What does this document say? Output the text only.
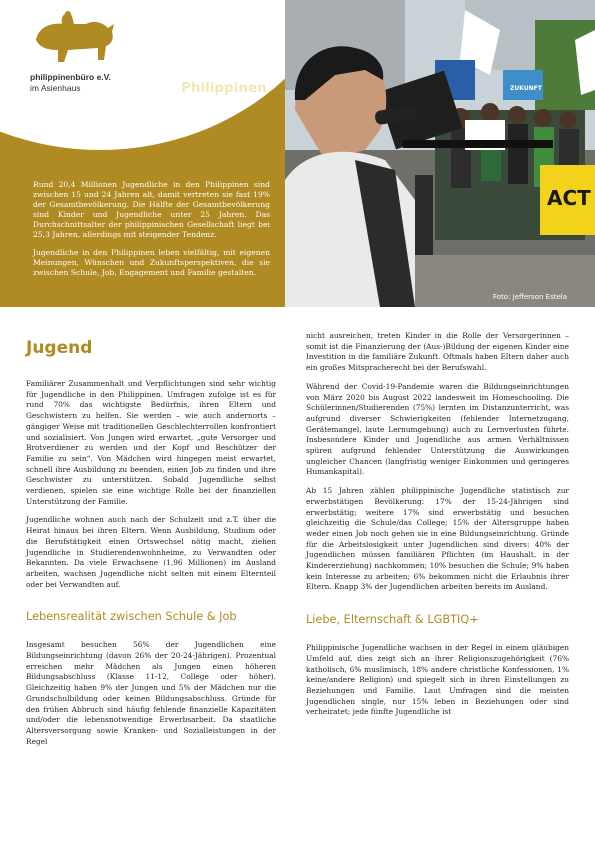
philippinenbüro e.V.
im Asienhaus
Factsheet
Philippinen

Rund 20,4 Millionen Jugendliche in den Philippinen sind zwischen 15 und 24 Jahren alt, damit vertreten sie fast 19% der Gesamtbevölkerung. Die Hälfte der Gesamtbevölkerung sind Kinder und Jugendliche unter 25 Jahren. Das Durchschnittsalter der philippinischen Gesellschaft liegt bei 25,3 Jahren, allerdings mit steigender Tendenz.

Jugendliche in den Philippinen leben vielfältig, mit eigenen Meinungen, Wünschen und Zukunftsperspektiven, die sie zwischen Schule, Job, Engagement und Familie gestalten.

ACT
ZUKUNFT
Foto: Jefferson Estela
Jugend

Familiärer Zusammenhalt und Verpflichtungen sind sehr wichtig für Jugendliche in den Philippinen. Umfragen zufolge ist es für rund 70% das wichtigste Bedürfnis, ihren Eltern und Geschwistern zu helfen. Sie werden – wie auch andernorts – gängiger Weise mit traditionellen Geschlechterrollen konfrontiert und sozialisiert. Von Jungen wird erwartet, „gute Versorger und Brotverdiener zu werden und der Kopf und Beschützer der Familie zu sein“. Von Mädchen wird hingegen meist erwartet, schnell ihre Ausbildung zu beenden, einen Job zu finden und ihre Geschwister zu unterstützen. Sobald Jugendliche selbst verdienen, spielen sie eine wichtige Rolle bei der finanziellen Unterstützung der Familie.

Jugendliche wohnen auch nach der Schulzeit und z.T. über die Heirat hinaus bei ihren Eltern. Wenn Ausbildung, Studium oder die Berufstätigkeit einen Ortswechsel nötig macht, ziehen Jugendliche in Studierendenwohnheime, zu Verwandten oder Bekannten. Da viele Erwachsene (1,96 Millionen) im Ausland arbeiten, wachsen Jugendliche nicht selten mit einem Elternteil oder bei Verwandten auf.

Lebensrealität zwischen Schule & Job

Insgesamt besuchen 56% der Jugendlichen eine Bildungseinrichtung (davon 26% der 20-24-Jährigen). Prozentual erreichen mehr Mädchen als Jungen einen höheren Bildungsabschluss (Klasse 11-12, College oder höher). Gleichzeitig haben 9% der Jungen und 5% der Mädchen nur die Grundschulbildung oder keinen Bildungsabschluss. Gründe für den frühen Abbruch sind häufig fehlende finanzielle Kapazitäten und/oder die lebensnotwendige Erwerbsarbeit. Da staatliche Altersversorgung sowie Kranken- und Sozialleistungen in der Regel

nicht ausreichen, treten Kinder in die Rolle der Versorgerinnen – somit ist die Finanzierung der (Aus-)Bildung der eigenen Kinder eine Investition in die familiäre Zukunft. Oftmals haben Eltern daher auch ein großes Mitspracherecht bei der Berufswahl.

Während der Covid-19-Pandemie waren die Bildungseinrichtungen von März 2020 bis August 2022 landesweit im Homeschooling. Die Schülerinnen/Studierenden (75%) lernten im Distanzunterricht, was aufgrund diverser Schwierigkeiten (fehlender Internetzugang, Gerätemangel, laute Lernumgebung) auch zu Lernverlusten führte. Insbesondere Kinder und Jugendliche aus armen Verhältnissen spüren aufgrund fehlender Unterstützung die Auswirkungen ungleicher Chancen (langfristig weniger Einkommen und geringeres Humankapital).

Ab 15 Jahren zählen philippinische Jugendliche statistisch zur erwerbstätigen Bevölkerung: 17% der 15-24-Jährigen sind erwerbstätig; weitere 17% sind erwerbstätig und besuchen gleichzeitig die Schule/das College; 15% der Altersgruppe haben weder einen Job noch gehen sie in eine Bildungseinrichtung. Gründe für die Arbeitslosigkeit unter Jugendlichen sind divers: 40% der Jugendlichen müssen familiären Pflichten (im Haushalt, in der Kindererziehung) nachkommen; 10% besuchen die Schule; 9% haben kein Interesse zu arbeiten; 6% bekommen nicht die Erlaubnis ihrer Eltern. Knapp 3% der Jugendlichen arbeiten bereits im Ausland.

Liebe, Elternschaft & LGBTIQ+

Philippinische Jugendliche wachsen in der Regel in einem gläubigen Umfeld auf, dies zeigt sich an ihrer Religionszugehörigkeit (76% katholisch, 6% muslimisch, 18% andere christliche Konfessionen, 1% keine/andere Religion) und spiegelt sich in ihren Einstellungen zu Beziehungen und Familie. Laut Umfragen sind die meisten Jugendlichen single, nur 15% leben in Beziehungen oder sind verheiratet; jede fünfte Jugendliche ist
